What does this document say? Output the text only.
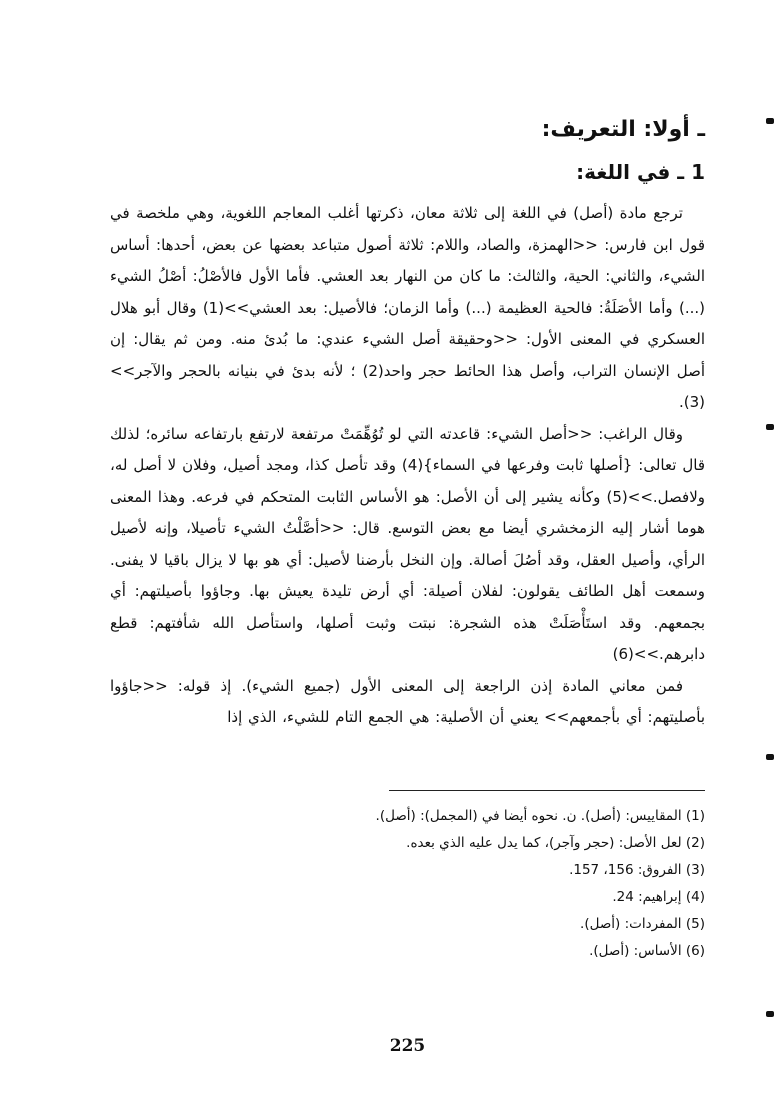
ـ أولا: التعريف:
1 ـ في اللغة:

ترجع مادة (أصل) في اللغة إلى ثلاثة معان، ذكرتها أغلب المعاجم اللغوية، وهي ملخصة في قول ابن فارس: <<الهمزة، والصاد، واللام: ثلاثة أصول متباعد بعضها عن بعض، أحدها: أساس الشيء، والثاني: الحية، والثالث: ما كان من النهار بعد العشي. فأما الأول فالأصْلُ: أصْلُ الشيء (...) وأما الأصَلَةُ: فالحية العظيمة (...) وأما الزمان؛ فالأصيل: بعد العشي>>(1) وقال أبو هلال العسكري في المعنى الأول: <<وحقيقة أصل الشيء عندي: ما بُدئ منه. ومن ثم يقال: إن أصل الإنسان التراب، وأصل هذا الحائط حجر واحد(2) ؛ لأنه بدئ في بنيانه بالحجر والآجر>>(3).

وقال الراغب: <<أصل الشيء: قاعدته التي لو تُوُهِّمَتْ مرتفعة لارتفع بارتفاعه سائره؛ لذلك قال تعالى: {أصلها ثابت وفرعها في السماء}(4) وقد تأصل كذا، ومجد أصيل، وفلان لا أصل له، ولافصل.>>(5) وكأنه يشير إلى أن الأصل: هو الأساس الثابت المتحكم في فرعه. وهذا المعنى هوما أشار إليه الزمخشري أيضا مع بعض التوسع. قال: <<أصَّلْتُ الشيء تأصيلا، وإنه لأصيل الرأي، وأصيل العقل، وقد أصُلَ أصالة. وإن النخل بأرضنا لأصيل: أي هو بها لا يزال باقيا لا يفنى. وسمعت أهل الطائف يقولون: لفلان أصيلة: أي أرض تليدة يعيش بها. وجاؤوا بأصيلتهم: أي بجمعهم. وقد استَأْصَلَتْ هذه الشجرة: نبتت وثبت أصلها، واستأصل الله شأفتهم: قطع دابرهم.>>(6)

فمن معاني المادة إذن الراجعة إلى المعنى الأول (جميع الشيء). إذ قوله: <<جاؤوا بأصليتهم: أي بأجمعهم>> يعني أن الأصلية: هي الجمع التام للشيء، الذي إذا

(1) المقاييس: (أصل). ن. نحوه أيضا في (المجمل): (أصل).
(2) لعل الأصل: (حجر وآجر)، كما يدل عليه الذي بعده.
(3) الفروق: 156، 157.
(4) إبراهيم: 24.
(5) المفردات: (أصل).
(6) الأساس: (أصل).
225
